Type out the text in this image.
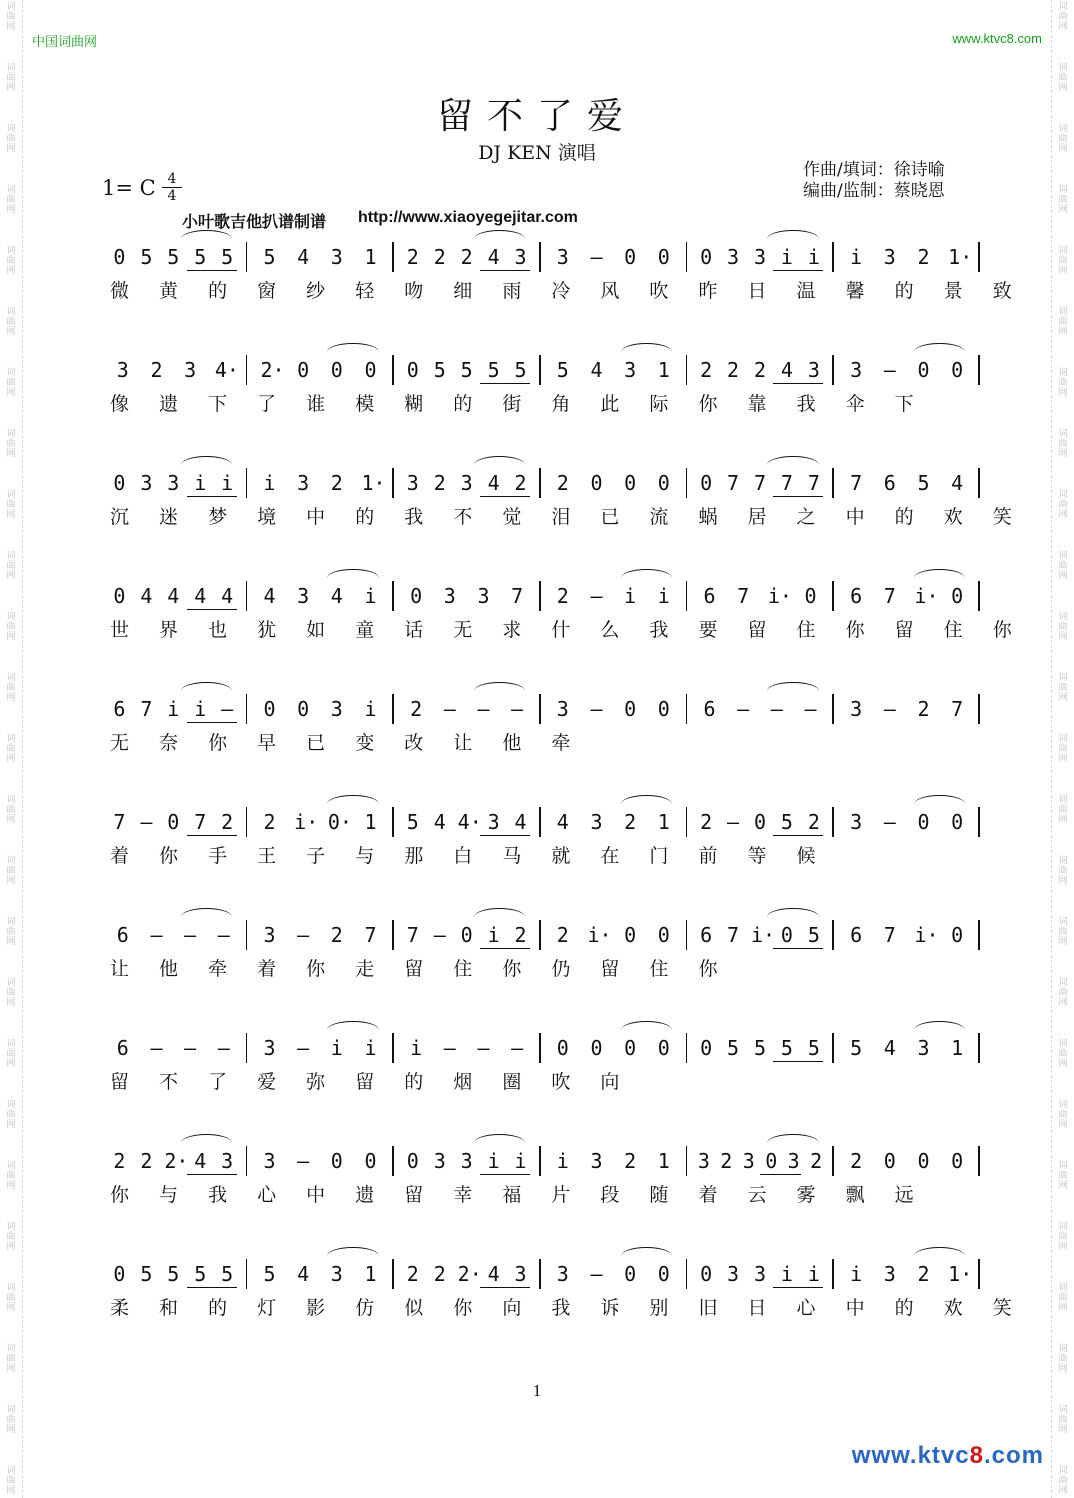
词曲网
词曲网
词曲网
词曲网
词曲网
词曲网
词曲网
词曲网
词曲网
词曲网
词曲网
词曲网
词曲网
词曲网
词曲网
词曲网
词曲网
词曲网
词曲网
词曲网
词曲网
词曲网
词曲网
词曲网
词曲网
词曲网
词曲网
词曲网
词曲网
词曲网
词曲网
词曲网
词曲网
词曲网
词曲网
词曲网
词曲网
词曲网
词曲网
词曲网
词曲网
词曲网
词曲网
词曲网
词曲网
词曲网
词曲网
词曲网
词曲网
词曲网
中国词曲网	www.ktvc8.com
留不了爱
DJ KEN 演唱
1= C $\frac{4}{4}$
作曲/填词：徐诗喻
编曲/监制：蔡晓恩
小叶歌吉他扒谱制谱 http://www.xiaoyegejitar.com
0 5 5 5 5 5 4 3 1 2 2 2 4 3 3 – 0 0 0 3 3 i i i 3 2 1·
微 黄 的 窗 纱 轻 吻 细 雨 冷 风 吹 昨 日 温 馨 的 景 致
3 2 3 4· 2· 0 0 0 0 5 5 5 5 5 4 3 1 2 2 2 4 3 3 – 0 0
像 遗 下 了 谁 模 糊 的 街 角 此 际 你 靠 我 伞 下
0 3 3 i i i 3 2 1· 3 2 3 4 2 2 0 0 0 0 7 7 7 7 7 6 5 4
沉 迷 梦 境 中 的 我 不 觉 泪 已 流 蜗 居 之 中 的 欢 笑
0 4 4 4 4 4 3 4 i 0 3 3 7 2 – i i 6 7 i· 0 6 7 i· 0
世 界 也 犹 如 童 话 无 求 什 么 我 要 留 住 你 留 住 你
6 7 i i – 0 0 3 i 2 – – – 3 – 0 0 6 – – – 3 – 2 7
无 奈 你 早 已 变 改 让 他 牵
7 – 0 7 2 2 i· 0· 1 5 4 4· 3 4 4 3 2 1 2 – 0 5 2 3 – 0 0
着 你 手 王 子 与 那 白 马 就 在 门 前 等 候
6 – – – 3 – 2 7 7 – 0 i 2 2 i· 0 0 6 7 i· 0 5 6 7 i· 0
让 他 牵 着 你 走 留 住 你 仍 留 住 你
6 – – – 3 – i i i – – – 0 0 0 0 0 5 5 5 5 5 4 3 1
留 不 了 爱 弥 留 的 烟 圈 吹 向
2 2 2· 4 3 3 – 0 0 0 3 3 i i i 3 2 1 3 2 3 0 3 2 2 0 0 0
你 与 我 心 中 遗 留 幸 福 片 段 随 着 云 雾 飘 远
0 5 5 5 5 5 4 3 1 2 2 2· 4 3 3 – 0 0 0 3 3 i i i 3 2 1·
柔 和 的 灯 影 仿 似 你 向 我 诉 别 旧 日 心 中 的 欢 笑
1
www.ktvc8.com
